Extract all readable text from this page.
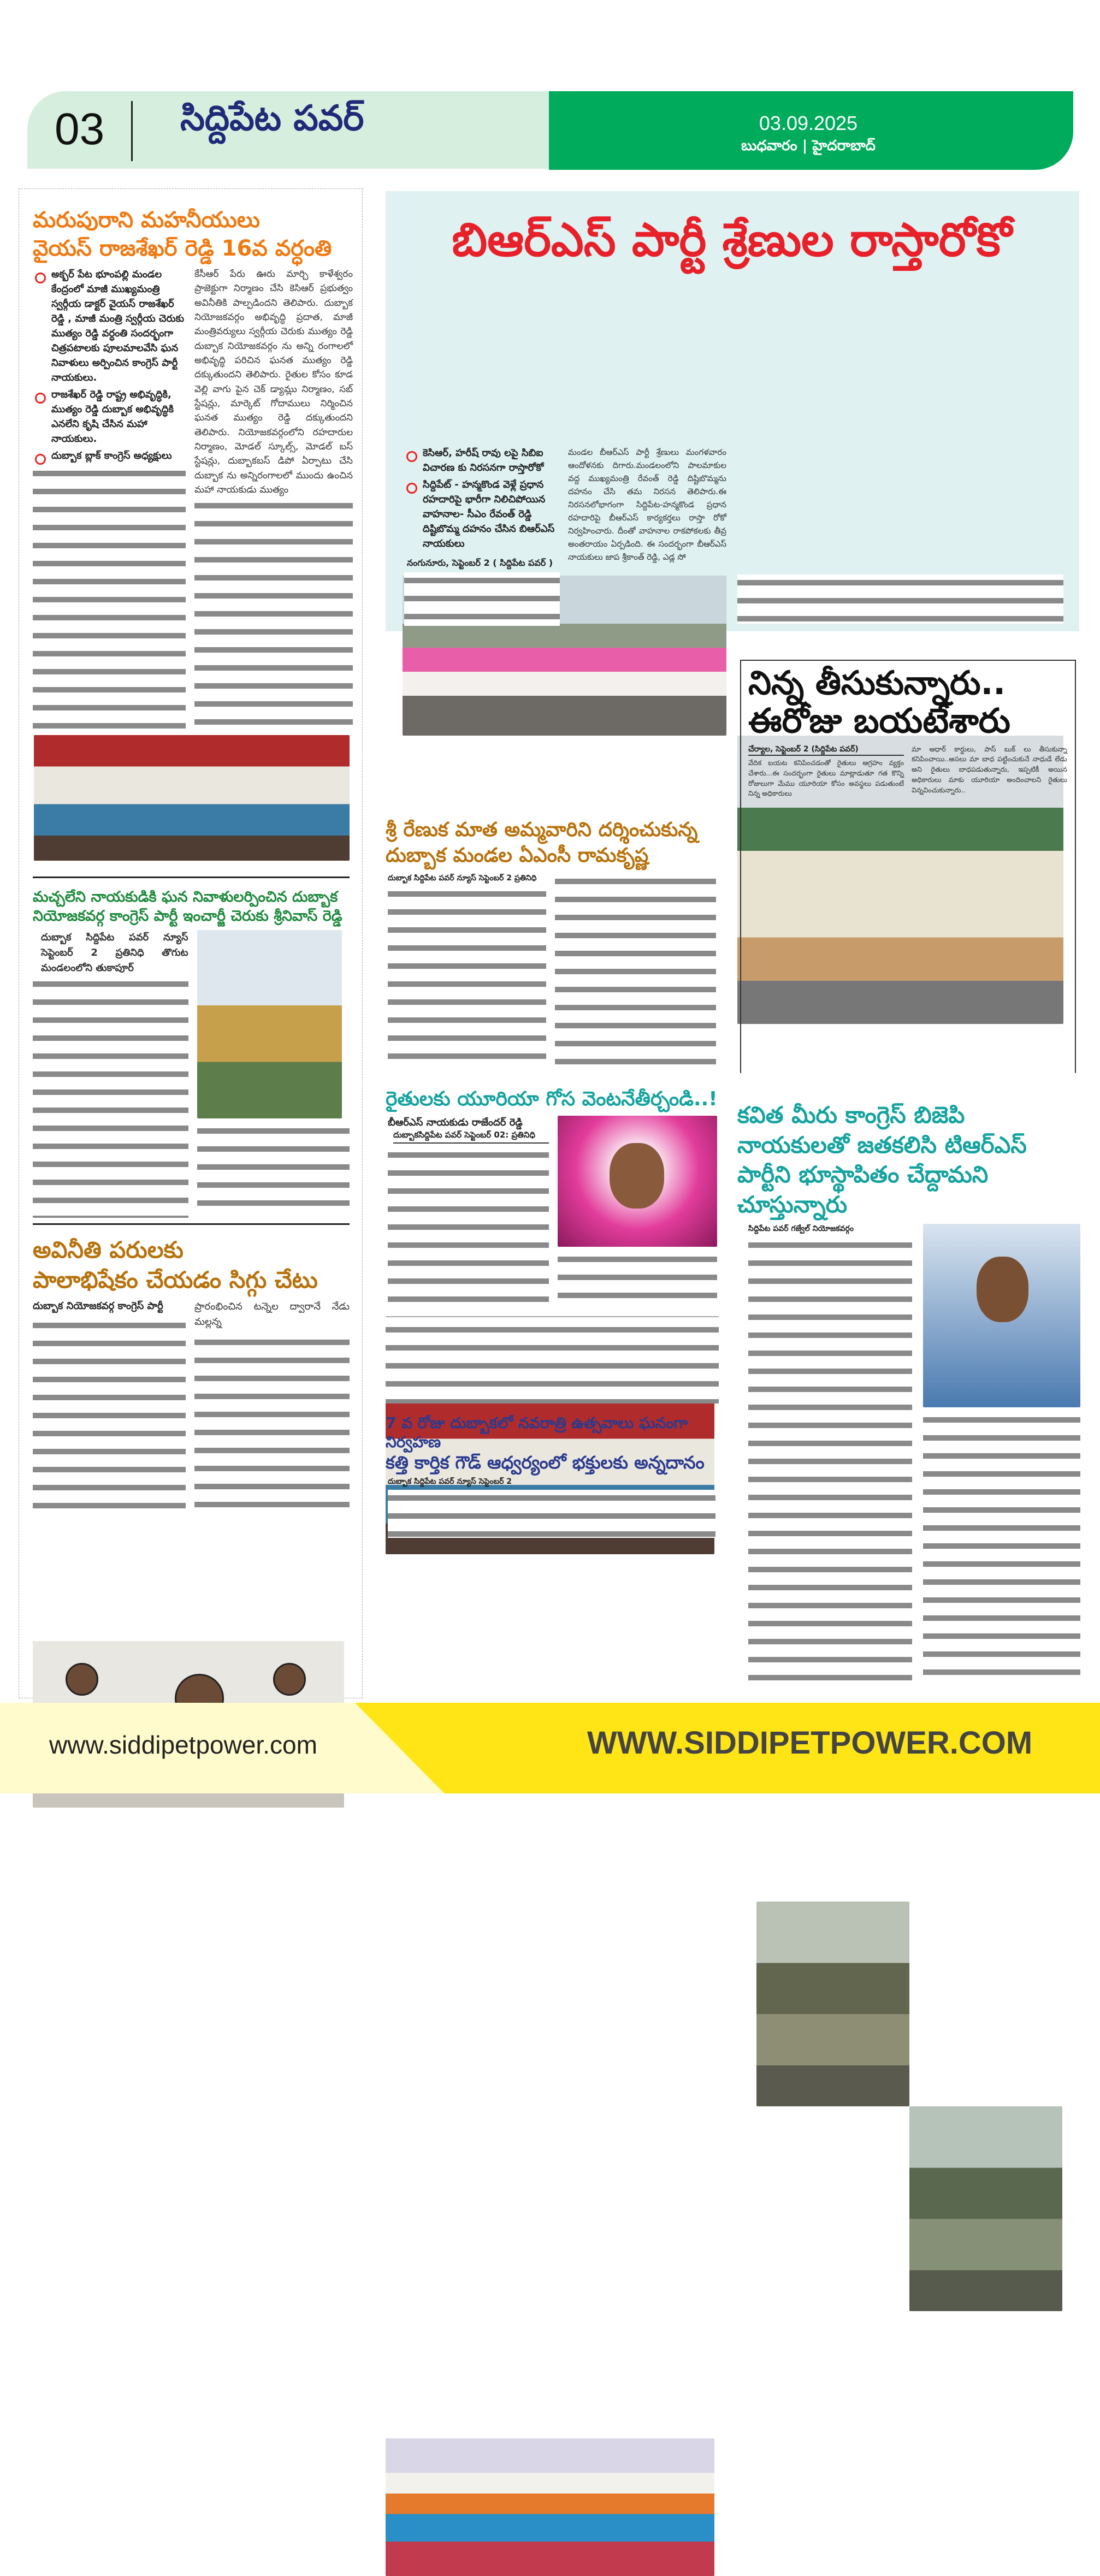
03 సిద్దిపేట పవర్	03.09.2025
బుధవారం | హైదరాబాద్
మరుపురాని మహనీయులు
వైయస్ రాజశేఖర్ రెడ్డి 16వ వర్ధంతి
అక్బర్ పేట భూంపల్లి మండల కేంద్రంలో మాజీ ముఖ్యమంత్రి స్వర్గీయ డాక్టర్ వైయస్ రాజశేఖర్ రెడ్డి , మాజీ మంత్రి స్వర్గీయ చెరుకు ముత్యం రెడ్డి వర్ధంతి సందర్భంగా చిత్రపటాలకు పూలమాలవేసి ఘన నివాళులు అర్పించిన కాంగ్రెస్ పార్టీ నాయకులు.
రాజశేఖర్ రెడ్డి రాష్ట్ర అభివృద్ధికి, ముత్యం రెడ్డి దుబ్బాక అభివృద్ధికి ఎనలేని కృషి చేసిన మహా నాయకులు.
దుబ్బాక బ్లాక్ కాంగ్రెస్ అధ్యక్షులు
కేసీఆర్ పేరు ఊరు మార్చి కాళేశ్వరం ప్రాజెక్టుగా నిర్మాణం చేసి కెసిఆర్ ప్రభుత్వం అవినీతికి పాల్పడిందని తెలిపారు. దుబ్బాక నియోజకవర్గం అభివృద్ధి ప్రదాత, మాజీ మంత్రివర్యులు స్వర్గీయ చెరుకు ముత్యం రెడ్డి దుబ్బాక నియోజకవర్గం ను అన్ని రంగాలలో అభివృద్ధి పరిచిన ఘనత ముత్యం రెడ్డి దక్కుతుందని తెలిపారు. రైతుల కోసం కూడ వెల్లి వాగు పైన చెక్ డ్యామ్లు నిర్మాణం, సబ్ స్టేషన్లు, మార్కెట్ గోదాములు నిర్మించిన ఘనత ముత్యం రెడ్డి దక్కుతుందని తెలిపారు. నియోజకవర్గంలోని రహదారుల నిర్మాణం, మోడల్ స్కూల్స్, మోడల్ బస్ స్టేషన్లు, దుబ్బాకబస్ డిపో ఏర్పాటు చేసి దుబ్బాక ను అన్నిరంగాలలో ముందు ఉంచిన మహా నాయకుడు ముత్యం
మచ్చలేని నాయకుడికి ఘన నివాళులర్పించిన దుబ్బాక నియోజకవర్గ కాంగ్రెస్ పార్టీ ఇంచార్జీ చెరుకు శ్రీనివాస్ రెడ్డి
దుబ్బాక సిద్దిపేట పవర్ న్యూస్ సెప్టెంబర్ 2 ప్రతినిధి తొగుట మండలంలోని తుకాపూర్
అవినీతి పరులకు
పాలాభిషేకం చేయడం సిగ్గు చేటు
దుబ్బాక నియోజకవర్గ కాంగ్రెస్ పార్టీ	ప్రారంభించిన టన్నెల ద్వారానే నేడు మల్లన్న
బిఆర్ఎస్ పార్టీ శ్రేణుల రాస్తారోకో
కెసిఆర్, హరీష్ రావు లపై సిబిఐ విచారణ కు నిరసనగా రాస్తారోకో
సిద్దిపేట్ - హన్మకొండ వెళ్లే ప్రధాన రహదారిపై భారీగా నిలిచిపోయిన వాహనాల- సీఎం రేవంత్ రెడ్డి దిష్టిబొమ్మ దహనం చేసిన బిఆర్ఎస్ నాయకులు
నంగునూరు, సెప్టెంబర్ 2 ( సిద్దిపేట పవర్ )
మండల బీఆర్ఎస్ పార్టీ శ్రేణులు మంగళవారం ఆందోళనకు దిగారు.మండలంలోని పాలమాకుల వద్ద ముఖ్యమంత్రి రేవంత్ రెడ్డి దిష్టిబొమ్మను దహనం చేసి తమ నిరసన తెలిపారు.ఈ నిరసనలోభాగంగా సిద్దిపేట-హన్మకొండ ప్రధాన రహదారిపై బీఆర్ఎస్ కార్యకర్తలు రాస్తా రోకో నిర్వహించారు. దీంతో వాహనాల రాకపోకలకు తీవ్ర అంతరాయం ఏర్పడింది. ఈ సందర్భంగా బీఆర్ఎస్ నాయకులు జాప శ్రీకాంత్ రెడ్డి, ఎడ్ల సో
శ్రీ రేణుక మాత అమ్మవారిని దర్శించుకున్న దుబ్బాక మండల ఏఎంసీ రామకృష్ణ
దుబ్బాక సిద్దిపేట పవర్ న్యూస్ సెప్టెంబర్ 2 ప్రతినిధి
రైతులకు యూరియా గోస వెంటనేతీర్చండి..!
బీఆర్ఎస్ నాయకుడు రాజేందర్ రెడ్డి
దుబ్బాకసిద్దిపేట పవర్ సెప్టెంబర్ 02: ప్రతినిధి
7 వ రోజు దుబ్బాకలో నవరాత్రి ఉత్సవాలు ఘనంగా నిర్వహణ
కత్తి కార్తిక గౌడ్ ఆధ్వర్యంలో భక్తులకు అన్నదానం
దుబ్బాక సిద్దిపేట పవర్ న్యూస్ సెప్టెంబర్ 2
నిన్న తీసుకున్నారు..
ఈరోజు బయటేశారు
చేర్యాల, సెప్టెంబర్ 2 (సిద్దిపేట పవర్)
వేదిక బయట కనిపించడంతో రైతులు ఆగ్రహం వ్యక్తం చేశారు...ఈ సందర్భంగా రైతులు మాట్లాడుతూ గత కొన్ని రోజులుగా మేము యూరియా కోసం అవస్థలు పడుతుంటే నిన్న అధికారులు
మా ఆధార్ కార్డులు, పాస్ బుక్ లు తీసుకున్నా కనిపించాయి..అసలు మా బాధ పట్టించుకునే నాధుడే లేడు అని రైతులు బాధపడుతున్నారు, ఇప్పటికీ అయిన అధికారులు మాకు యూరియా అందించాలని రైతులు విన్నవించుకున్నారు..
కవిత మీరు కాంగ్రెస్ బిజెపి నాయకులతో జతకలిసి టిఆర్ఎస్ పార్టీని భూస్థాపితం చేద్దామని చూస్తున్నారు
సిద్దిపేట పవర్ గజ్వేల్ నియోజకవర్గం
www.siddipetpower.com	WWW.SIDDIPETPOWER.COM
